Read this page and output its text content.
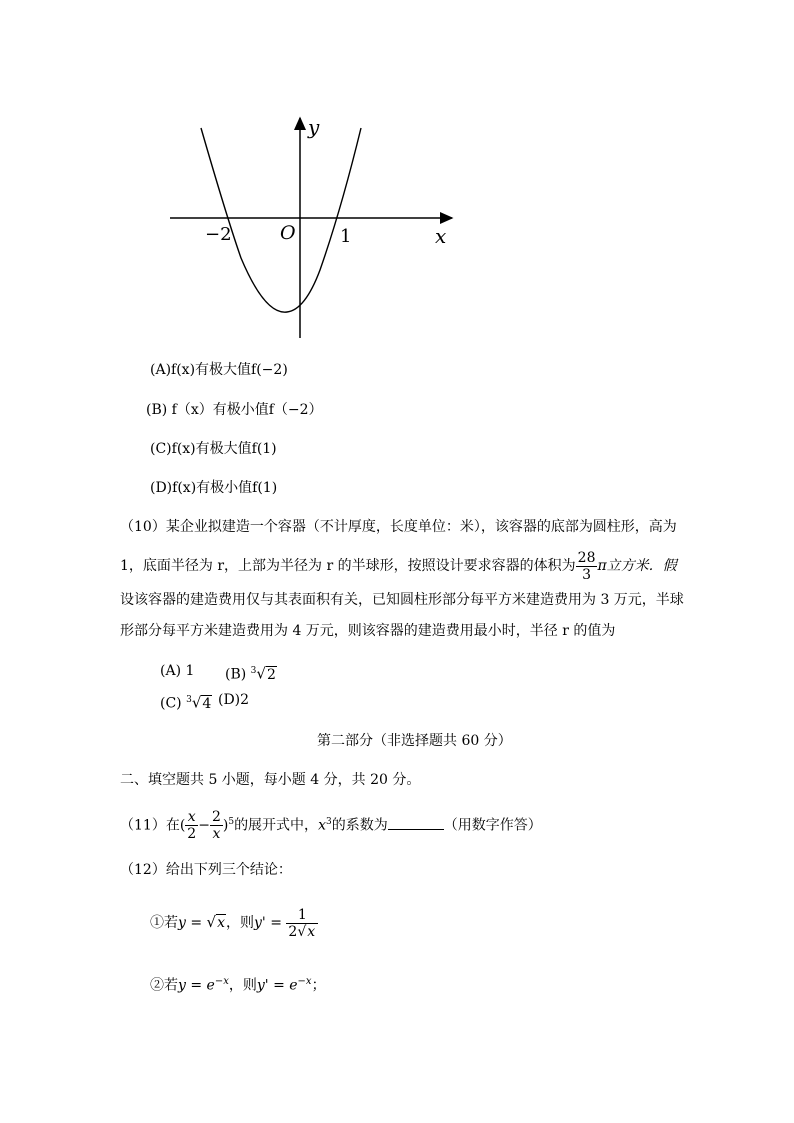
y
x
O
−2	1
(A)f(x)有极大值f(−2)
(B) f（x）有极小值f（−2）
(C)f(x)有极大值f(1)
(D)f(x)有极小值f(1)
（10）某企业拟建造一个容器（不计厚度，长度单位：米），该容器的底部为圆柱形，高为
1，底面半径为 r，上部为半径为 r 的半球形，按照设计要求容器的体积为 $\frac{28}{3}$ π立方米．假
设该容器的建造费用仅与其表面积有关，已知圆柱形部分每平方米建造费用为 3 万元，半球
形部分每平方米建造费用为 4 万元，则该容器的建造费用最小时，半径 r 的值为
(A) 1 (B) $^3$√2
(C) $^3$√4 (D)2
第二部分（非选择题共 60 分）
二、填空题共 5 小题，每小题 4 分，共 20 分。
（11）在( $\frac{x}{2} - \frac{2}{x} )^5$的展开式中，$x^3$的系数为	（用数字作答）
（12）给出下列三个结论：
①若y = √x，则$y' = \frac{1}{2√x}$
②若$y = e^{-x}$，则$y' = e^{-x}$；
